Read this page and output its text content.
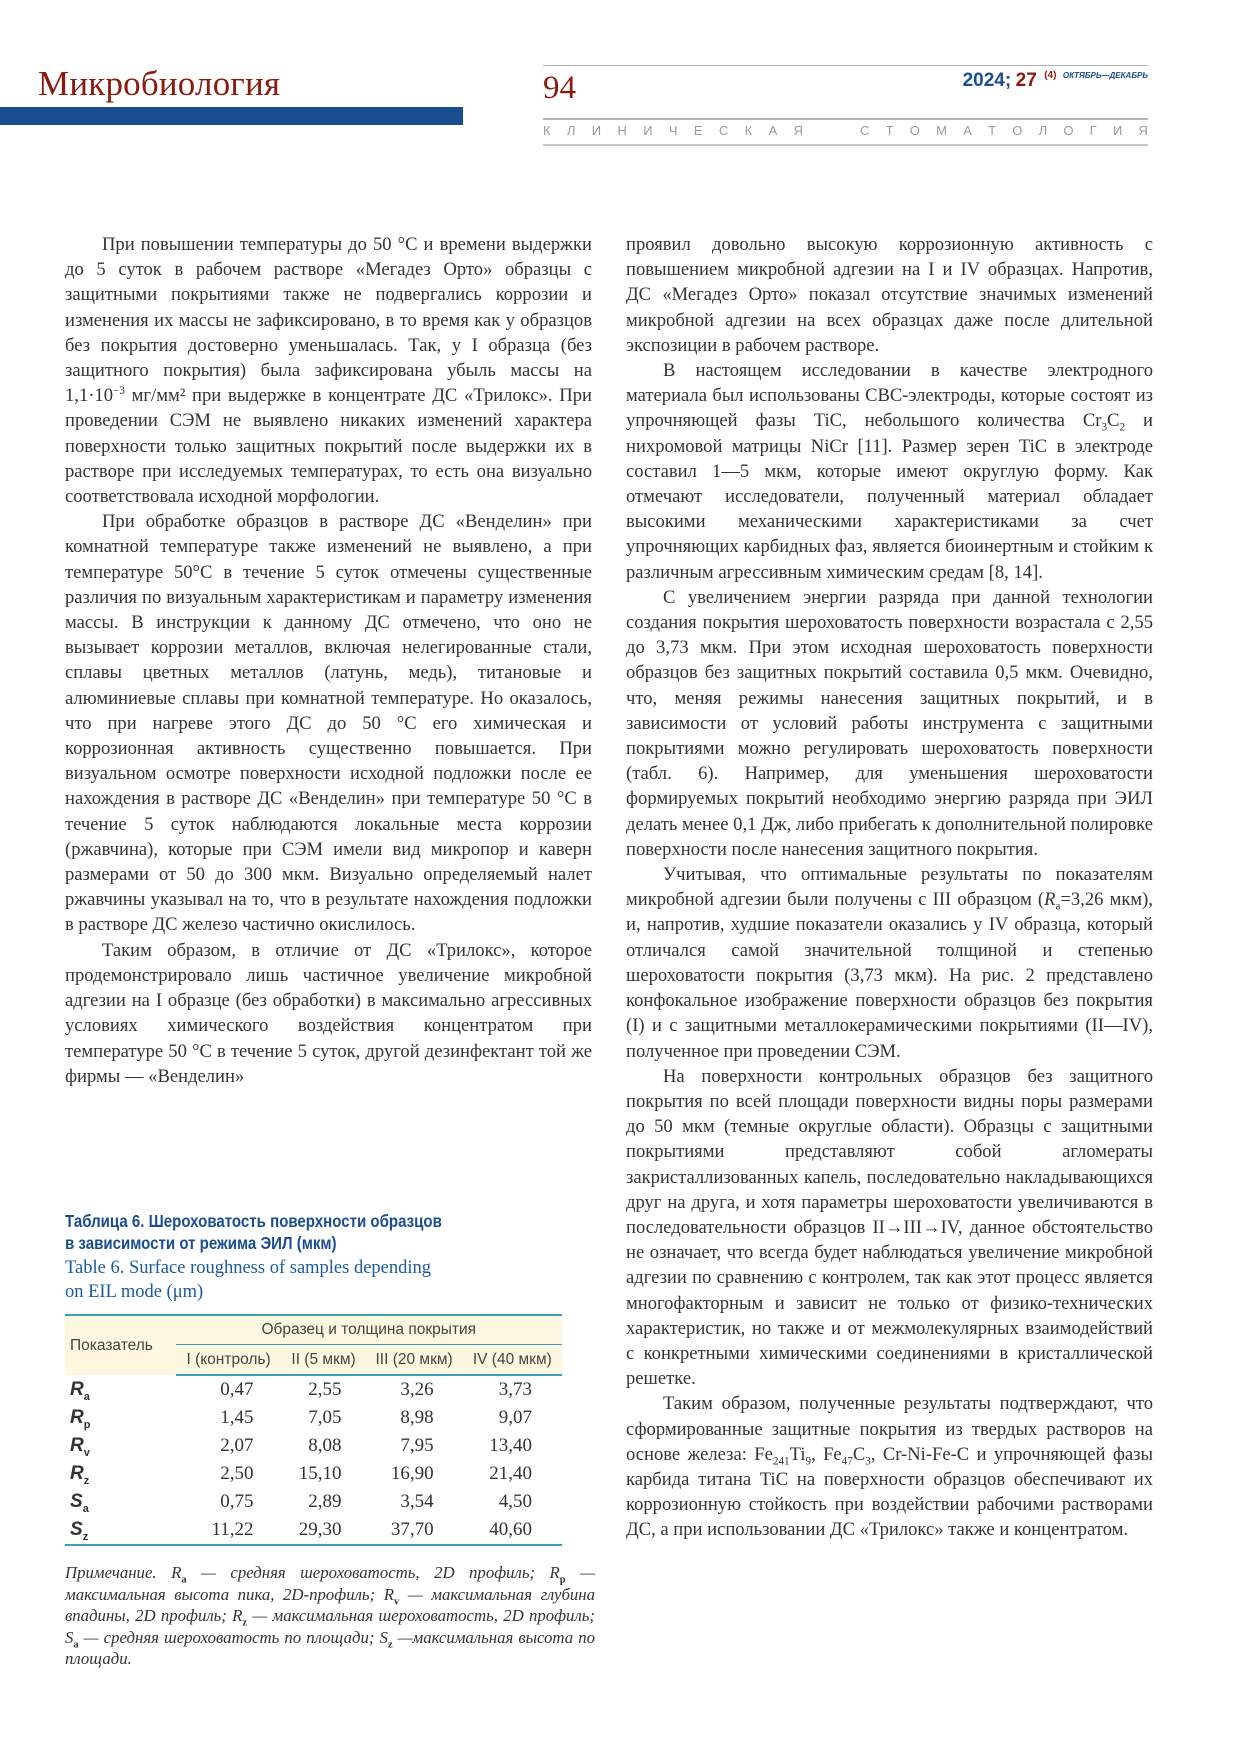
Микробиология	94	2024; 27 $^{(4)}$ $^{ОКТЯБРЬ—ДЕКАБРЬ}$
К Л И Н И Ч Е С К А Я	С Т О М А Т О Л О Г И Я

При повышении температуры до 50 °С и времени выдержки до 5 суток в рабочем растворе «Мегадез Орто» образцы с защитными покрытиями также не подвергались коррозии и изменения их массы не зафиксировано, в то время как у образцов без покрытия достоверно уменьшалась. Так, у I образца (без защитного покрытия) была зафиксирована убыль массы на $1,1\cdot 10^{-3}$ мг/мм² при выдержке в концентрате ДС «Трилокс». При проведении СЭМ не выявлено никаких изменений характера поверхности только защитных покрытий после выдержки их в растворе при исследуемых температурах, то есть она визуально соответствовала исходной морфологии.

При обработке образцов в растворе ДС «Венделин» при комнатной температуре также изменений не выявлено, а при температуре 50°С в течение 5 суток отмечены существенные различия по визуальным характеристикам и параметру изменения массы. В инструкции к данному ДС отмечено, что оно не вызывает коррозии металлов, включая нелегированные стали, сплавы цветных металлов (латунь, медь), титановые и алюминиевые сплавы при комнатной температуре. Но оказалось, что при нагреве этого ДС до 50 °С его химическая и коррозионная активность существенно повышается. При визуальном осмотре поверхности исходной подложки после ее нахождения в растворе ДС «Венделин» при температуре 50 °С в течение 5 суток наблюдаются локальные места коррозии (ржавчина), которые при СЭМ имели вид микропор и каверн размерами от 50 до 300 мкм. Визуально определяемый налет ржавчины указывал на то, что в результате нахождения подложки в растворе ДС железо частично окислилось.

Таким образом, в отличие от ДС «Трилокс», которое продемонстрировало лишь частичное увеличение микробной адгезии на I образце (без обработки) в максимально агрессивных условиях химического воздействия концентратом при температуре 50 °С в течение 5 суток, другой дезинфектант той же фирмы — «Венделин»

Таблица 6. Шероховатость поверхности образцов
в зависимости от режима ЭИЛ (мкм)
Table 6. Surface roughness of samples depending
on EIL mode (μm)
Показатель	Образец и толщина покрытия			
	I (контроль)	II (5 мкм)	III (20 мкм)	IV (40 мкм)
$R_a$	0,47	2,55	3,26	3,73
$R_p$	1,45	7,05	8,98	9,07
$R_v$	2,07	8,08	7,95	13,40
$R_z$	2,50	15,10	16,90	21,40
$S_a$	0,75	2,89	3,54	4,50
$S_z$	11,22	29,30	37,70	40,60
Примечание. $R_a$ — средняя шероховатость, 2D профиль; $R_p$ — максимальная высота пика, 2D-профиль; $R_v$ — максимальная глубина впадины, 2D профиль; $R_z$ — максимальная шероховатость, 2D профиль; $S_a$ — средняя шероховатость по площади; $S_z$ —максимальная высота по площади.

проявил довольно высокую коррозионную активность с повышением микробной адгезии на I и IV образцах. Напротив, ДС «Мегадез Орто» показал отсутствие значимых изменений микробной адгезии на всех образцах даже после длительной экспозиции в рабочем растворе.

В настоящем исследовании в качестве электродного материала был использованы СВС-электроды, которые состоят из упрочняющей фазы TiC, небольшого количества $Cr_3C_2$ и нихромовой матрицы NiCr [11]. Размер зерен TiC в электроде составил 1—5 мкм, которые имеют округлую форму. Как отмечают исследователи, полученный материал обладает высокими механическими характеристиками за счет упрочняющих карбидных фаз, является биоинертным и стойким к различным агрессивным химическим средам [8, 14].

С увеличением энергии разряда при данной технологии создания покрытия шероховатость поверхности возрастала с 2,55 до 3,73 мкм. При этом исходная шероховатость поверхности образцов без защитных покрытий составила 0,5 мкм. Очевидно, что, меняя режимы нанесения защитных покрытий, и в зависимости от условий работы инструмента с защитными покрытиями можно регулировать шероховатость поверхности (табл. 6). Например, для уменьшения шероховатости формируемых покрытий необходимо энергию разряда при ЭИЛ делать менее 0,1 Дж, либо прибегать к дополнительной полировке поверхности после нанесения защитного покрытия.

Учитывая, что оптимальные результаты по показателям микробной адгезии были получены с III образцом ($R_a=3,26$ мкм), и, напротив, худшие показатели оказались у IV образца, который отличался самой значительной толщиной и степенью шероховатости покрытия (3,73 мкм). На рис. 2 представлено конфокальное изображение поверхности образцов без покрытия (I) и с защитными металлокерамическими покрытиями (II—IV), полученное при проведении СЭМ.

На поверхности контрольных образцов без защитного покрытия по всей площади поверхности видны поры размерами до 50 мкм (темные округлые области). Образцы с защитными покрытиями представляют собой агломераты закристаллизованных капель, последовательно накладывающихся друг на друга, и хотя параметры шероховатости увеличиваются в последовательности образцов II→III→IV, данное обстоятельство не означает, что всегда будет наблюдаться увеличение микробной адгезии по сравнению с контролем, так как этот процесс является многофакторным и зависит не только от физико-технических характеристик, но также и от межмолекулярных взаимодействий с конкретными химическими соединениями в кристаллической решетке.

Таким образом, полученные результаты подтверждают, что сформированные защитные покрытия из твердых растворов на основе железа: $Fe_{241}Ti_9$, $Fe_{47}C_3$, Cr-Ni-Fe-C и упрочняющей фазы карбида титана TiC на поверхности образцов обеспечивают их коррозионную стойкость при воздействии рабочими растворами ДС, а при использовании ДС «Трилокс» также и концентратом.
